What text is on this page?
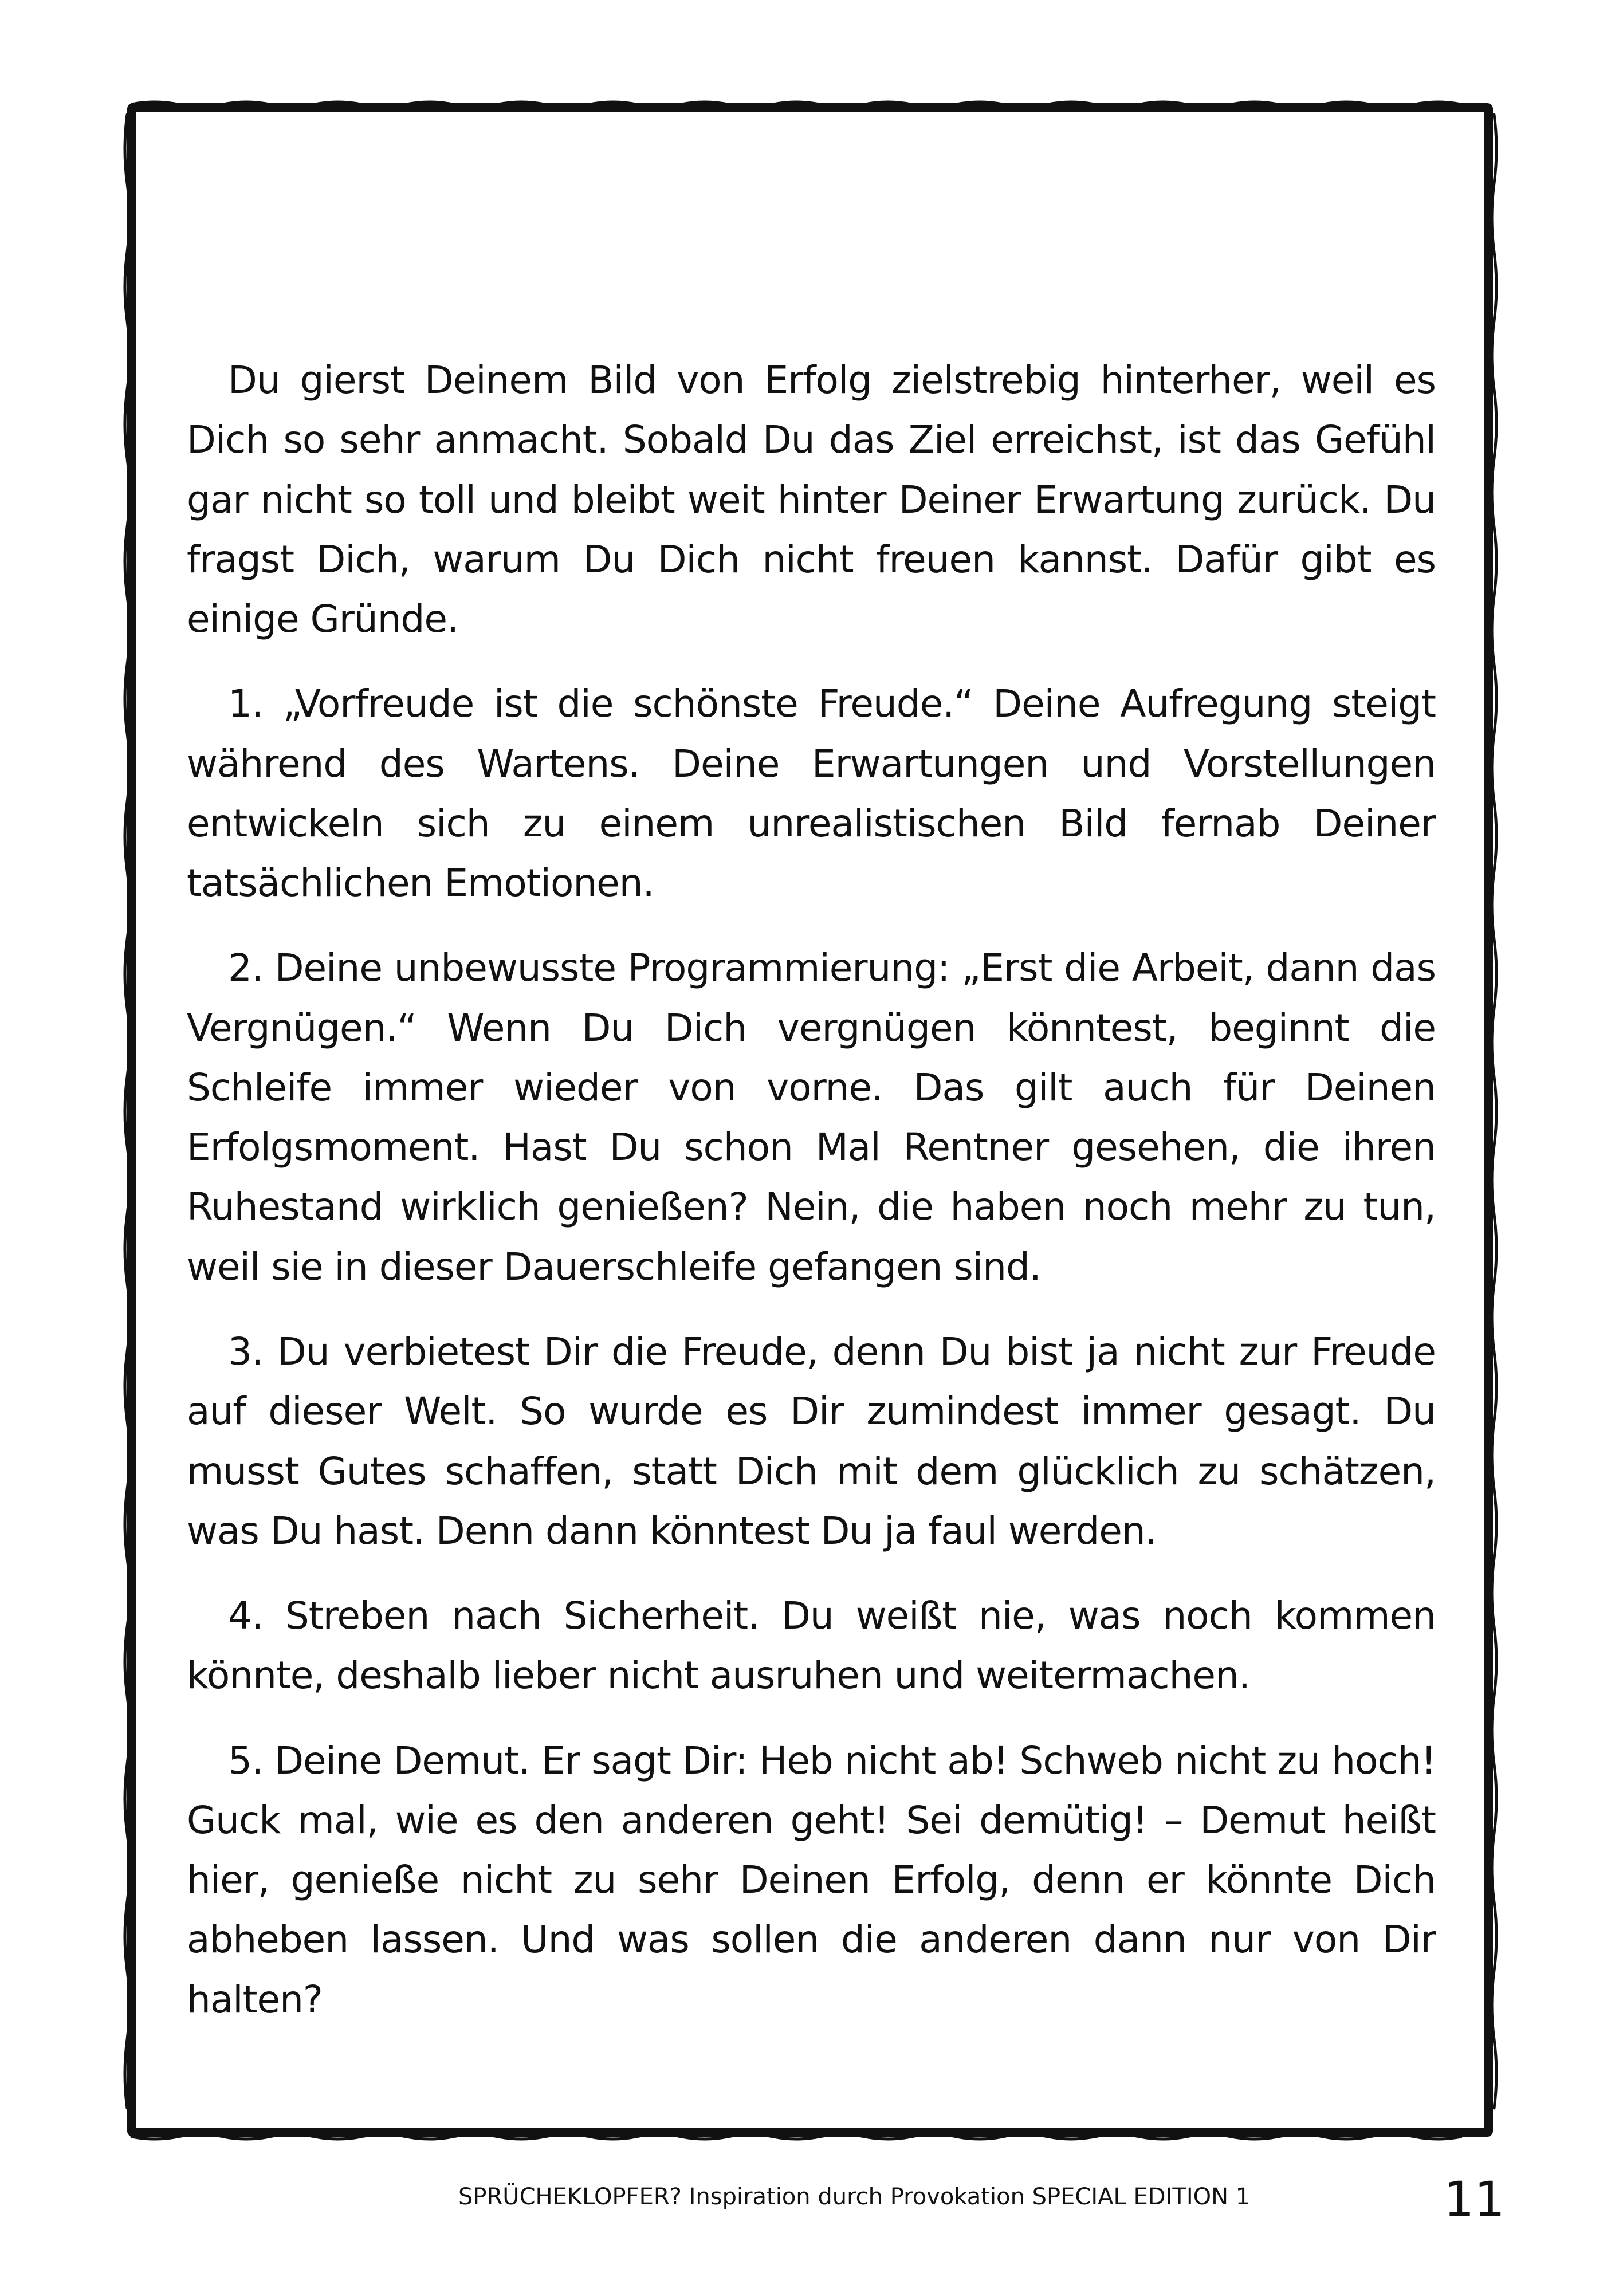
Du gierst Deinem Bild von Erfolg zielstrebig hinterher, weil es Dich so sehr anmacht. Sobald Du das Ziel erreichst, ist das Gefühl gar nicht so toll und bleibt weit hinter Deiner Erwartung zurück. Du fragst Dich, warum Du Dich nicht freuen kannst. Dafür gibt es einige Gründe.

1. „Vorfreude ist die schönste Freude.“ Deine Aufregung steigt während des Wartens. Deine Erwartungen und Vorstellungen entwickeln sich zu einem unrealistischen Bild fernab Deiner tatsächlichen Emotionen.

2. Deine unbewusste Programmierung: „Erst die Arbeit, dann das Vergnügen.“ Wenn Du Dich vergnügen könntest, beginnt die Schleife immer wieder von vorne. Das gilt auch für Deinen Erfolgsmoment. Hast Du schon Mal Rentner gesehen, die ihren Ruhestand wirklich genießen? Nein, die haben noch mehr zu tun, weil sie in dieser Dauerschleife gefangen sind.

3. Du verbietest Dir die Freude, denn Du bist ja nicht zur Freude auf dieser Welt. So wurde es Dir zumindest immer gesagt. Du musst Gutes schaffen, statt Dich mit dem glücklich zu schätzen, was Du hast. Denn dann könntest Du ja faul werden.

4. Streben nach Sicherheit. Du weißt nie, was noch kommen könnte, deshalb lieber nicht ausruhen und weitermachen.

5. Deine Demut. Er sagt Dir: Heb nicht ab! Schweb nicht zu hoch! Guck mal, wie es den anderen geht! Sei demütig! – Demut heißt hier, genieße nicht zu sehr Deinen Erfolg, denn er könnte Dich abheben lassen. Und was sollen die anderen dann nur von Dir halten?

SPRÜCHEKLOPFER? Inspiration durch Provokation SPECIAL EDITION 1	11
